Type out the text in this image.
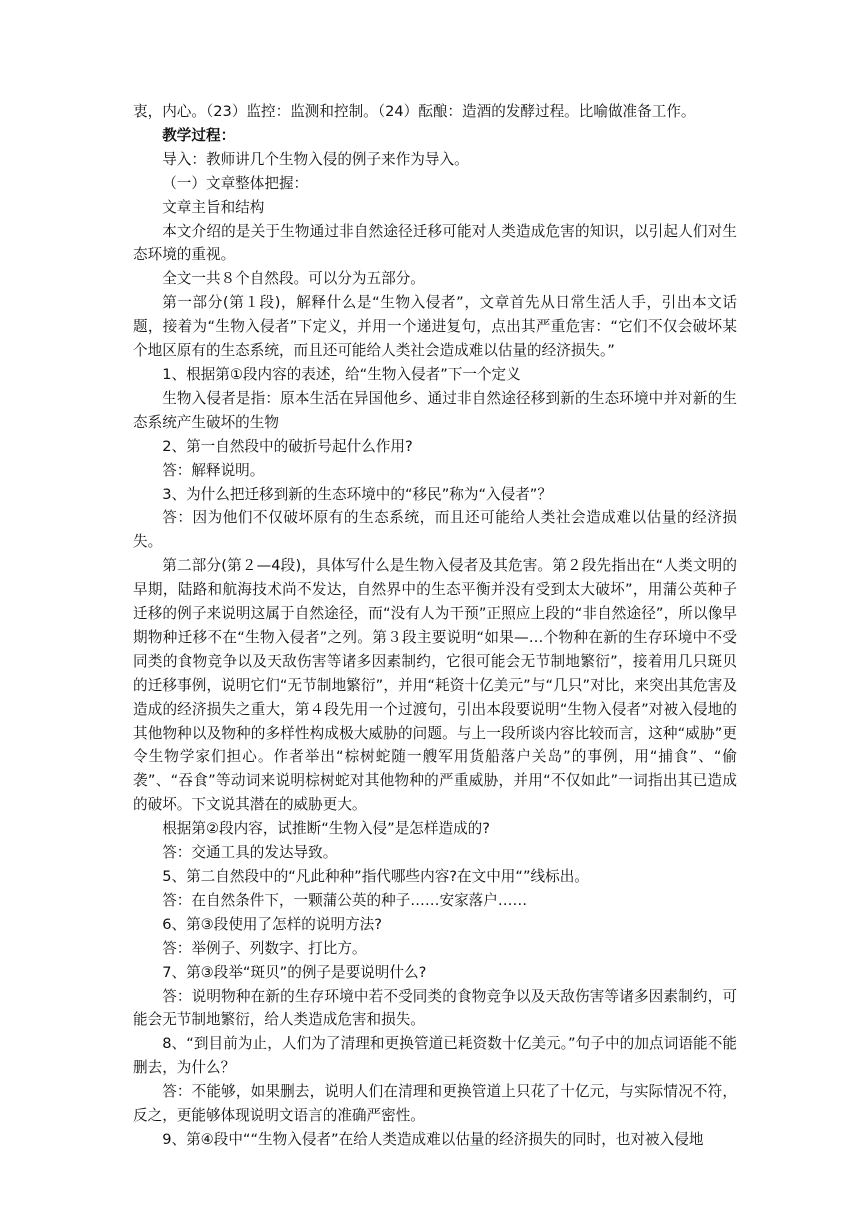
衷，内心。（23）监控：监测和控制。（24）酝酿：造酒的发酵过程。比喻做准备工作。

教学过程：

导入：教师讲几个生物入侵的例子来作为导入。

（一）文章整体把握：

文章主旨和结构

本文介绍的是关于生物通过非自然途径迁移可能对人类造成危害的知识，以引起人们对生态环境的重视。

全文一共８个自然段。可以分为五部分。

第一部分(第１段)，解释什么是“生物入侵者”，文章首先从日常生活人手，引出本文话题，接着为“生物入侵者”下定义，并用一个递进复句，点出其严重危害：“它们不仅会破坏某个地区原有的生态系统，而且还可能给人类社会造成难以估量的经济损失。”

1、根据第①段内容的表述，给“生物入侵者”下一个定义

生物入侵者是指：原本生活在异国他乡、通过非自然途径移到新的生态环境中并对新的生态系统产生破坏的生物

2、第一自然段中的破折号起什么作用?

答：解释说明。

3、为什么把迁移到新的生态环境中的“移民”称为“入侵者”？

答：因为他们不仅破坏原有的生态系统，而且还可能给人类社会造成难以估量的经济损失。

第二部分(第２—4段)，具体写什么是生物入侵者及其危害。第２段先指出在“人类文明的早期，陆路和航海技术尚不发达，自然界中的生态平衡并没有受到太大破坏”，用蒲公英种子迁移的例子来说明这属于自然途径，而“没有人为干预”正照应上段的“非自然途径”，所以像早期物种迁移不在“生物入侵者”之列。第３段主要说明“如果—…个物种在新的生存环境中不受同类的食物竞争以及天敌伤害等诸多因素制约，它很可能会无节制地繁衍”，接着用几只斑贝的迁移事例，说明它们“无节制地繁衍”，并用“耗资十亿美元”与“几只”对比，来突出其危害及造成的经济损失之重大，第４段先用一个过渡句，引出本段要说明“生物入侵者”对被入侵地的其他物种以及物种的多样性构成极大威胁的问题。与上一段所谈内容比较而言，这种“威胁”更令生物学家们担心。作者举出“棕树蛇随一艘军用货船落户关岛”的事例，用“捕食”、“偷袭”、“吞食”等动词来说明棕树蛇对其他物种的严重威胁，并用“不仅如此”一词指出其已造成的破坏。下文说其潜在的威胁更大。

根据第②段内容，试推断“生物入侵”是怎样造成的?

答：交通工具的发达导致。

5、第二自然段中的“凡此种种”指代哪些内容?在文中用“”线标出。

答：在自然条件下，一颗蒲公英的种子……安家落户……

6、第③段使用了怎样的说明方法?

答：举例子、列数字、打比方。

7、第③段举“斑贝”的例子是要说明什么?

答：说明物种在新的生存环境中若不受同类的食物竞争以及天敌伤害等诸多因素制约，可能会无节制地繁衍，给人类造成危害和损失。

8、“到目前为止，人们为了清理和更换管道已耗资数十亿美元。”句子中的加点词语能不能删去，为什么？

答：不能够，如果删去，说明人们在清理和更换管道上只花了十亿元，与实际情况不符，反之，更能够体现说明文语言的准确严密性。

9、第④段中““生物入侵者”在给人类造成难以估量的经济损失的同时，也对被入侵地
